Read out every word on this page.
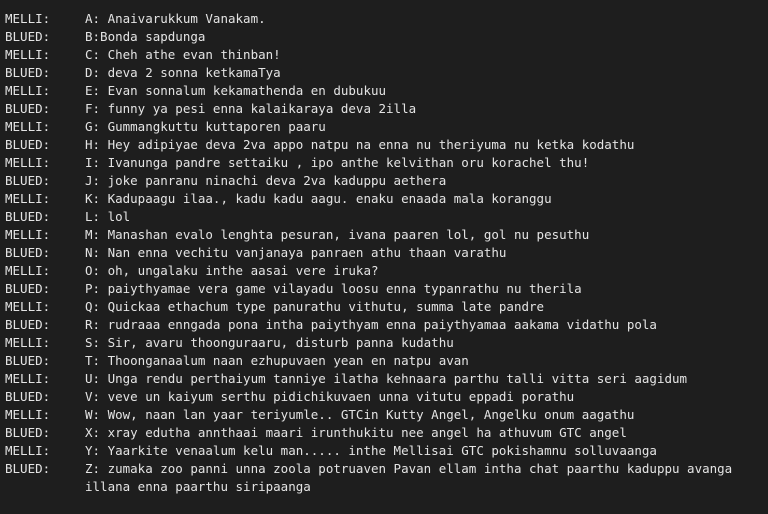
MELLI:	A: Anaivarukkum Vanakam.
BLUED:	B:Bonda sapdunga
MELLI:	C: Cheh athe evan thinban!
BLUED:	D: deva 2 sonna ketkamaTya
MELLI:	E: Evan sonnalum kekamathenda en dubukuu
BLUED:	F: funny ya pesi enna kalaikaraya deva 2illa
MELLI:	G: Gummangkuttu kuttaporen paaru
BLUED:	H: Hey adipiyae deva 2va appo natpu na enna nu theriyuma nu ketka kodathu
MELLI:	I: Ivanunga pandre settaiku , ipo anthe kelvithan oru korachel thu!
BLUED:	J: joke panranu ninachi deva 2va kaduppu aethera
MELLI:	K: Kadupaagu ilaa., kadu kadu aagu. enaku enaada mala koranggu
BLUED:	L: lol
MELLI:	M: Manashan evalo lenghta pesuran, ivana paaren lol, gol nu pesuthu
BLUED:	N: Nan enna vechitu vanjanaya panraen athu thaan varathu
MELLI:	O: oh, ungalaku inthe aasai vere iruka?
BLUED:	P: paiythyamae vera game vilayadu loosu enna typanrathu nu therila
MELLI:	Q: Quickaa ethachum type panurathu vithutu, summa late pandre
BLUED:	R: rudraaa enngada pona intha paiythyam enna paiythyamaa aakama vidathu pola
MELLI:	S: Sir, avaru thoonguraaru, disturb panna kudathu
BLUED:	T: Thoonganaalum naan ezhupuvaen yean en natpu avan
MELLI:	U: Unga rendu perthaiyum tanniye ilatha kehnaara parthu talli vitta seri aagidum
BLUED:	V: veve un kaiyum serthu pidichikuvaen unna vitutu eppadi porathu
MELLI:	W: Wow, naan lan yaar teriyumle.. GTCin Kutty Angel, Angelku onum aagathu
BLUED:	X: xray edutha annthaai maari irunthukitu nee angel ha athuvum GTC angel
MELLI:	Y: Yaarkite venaalum kelu man..... inthe Mellisai GTC pokishamnu solluvaanga
BLUED:	Z: zumaka zoo panni unna zoola potruaven Pavan ellam intha chat paarthu kaduppu avanga
illana enna paarthu siripaanga
